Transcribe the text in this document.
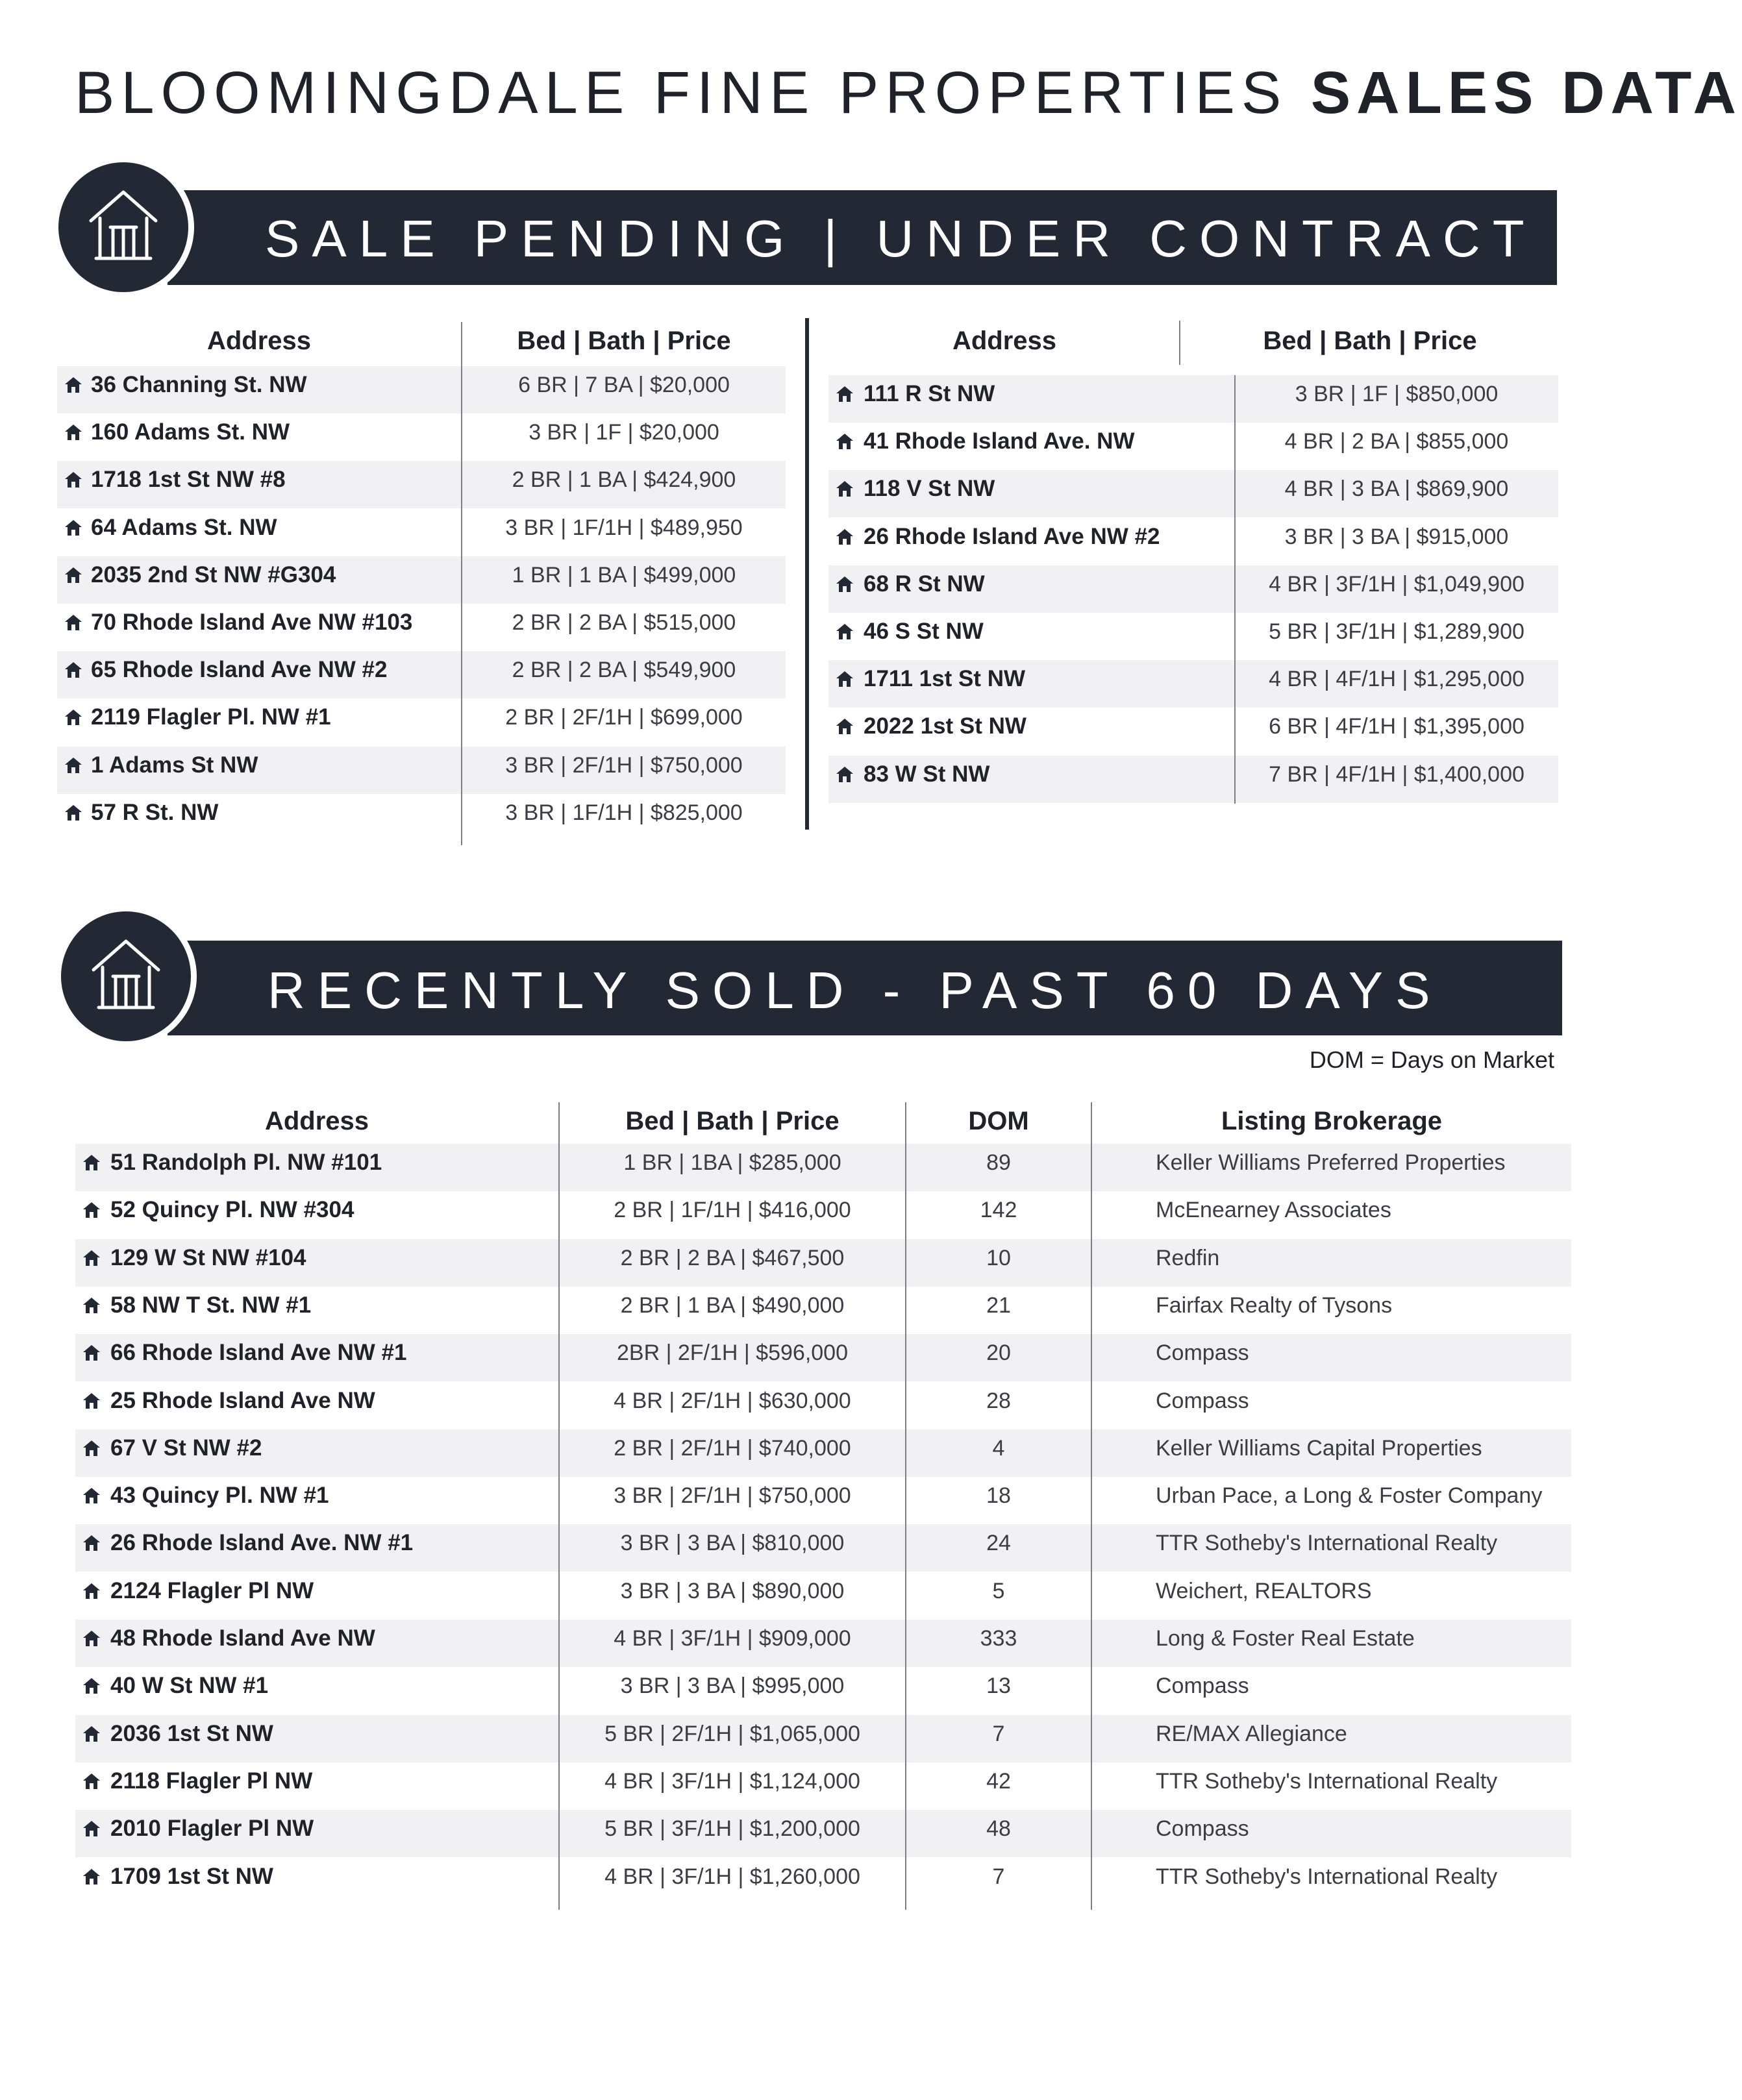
BLOOMINGDALE FINE PROPERTIES SALES DATA
SALE PENDING | UNDER CONTRACT
Address	Bed | Bath | Price	Address	Bed | Bath | Price
36 Channing St. NW	6 BR | 7 BA | $20,000
160 Adams St. NW	3 BR | 1F | $20,000
1718 1st St NW #8	2 BR | 1 BA | $424,900
64 Adams St. NW	3 BR | 1F/1H | $489,950
2035 2nd St NW #G304	1 BR | 1 BA | $499,000
70 Rhode Island Ave NW #103	2 BR | 2 BA | $515,000
65 Rhode Island Ave NW #2	2 BR | 2 BA | $549,900
2119 Flagler Pl. NW #1	2 BR | 2F/1H | $699,000
1 Adams St NW	3 BR | 2F/1H | $750,000
57 R St. NW	3 BR | 1F/1H | $825,000
111 R St NW	3 BR | 1F | $850,000
41 Rhode Island Ave. NW	4 BR | 2 BA | $855,000
118 V St NW	4 BR | 3 BA | $869,900
26 Rhode Island Ave NW #2	3 BR | 3 BA | $915,000
68 R St NW	4 BR | 3F/1H | $1,049,900
46 S St NW	5 BR | 3F/1H | $1,289,900
1711 1st St NW	4 BR | 4F/1H | $1,295,000
2022 1st St NW	6 BR | 4F/1H | $1,395,000
83 W St NW	7 BR | 4F/1H | $1,400,000
RECENTLY SOLD - PAST 60 DAYS
DOM = Days on Market
Address	Bed | Bath | Price	DOM	Listing Brokerage
51 Randolph Pl. NW #101	1 BR | 1BA | $285,000	89	Keller Williams Preferred Properties
52 Quincy Pl. NW #304	2 BR | 1F/1H | $416,000	142	McEnearney Associates
129 W St NW #104	2 BR | 2 BA | $467,500	10	Redfin
58 NW T St. NW #1	2 BR | 1 BA | $490,000	21	Fairfax Realty of Tysons
66 Rhode Island Ave NW #1	2BR | 2F/1H | $596,000	20	Compass
25 Rhode Island Ave NW	4 BR | 2F/1H | $630,000	28	Compass
67 V St NW #2	2 BR | 2F/1H | $740,000	4	Keller Williams Capital Properties
43 Quincy Pl. NW #1	3 BR | 2F/1H | $750,000	18	Urban Pace, a Long & Foster Company
26 Rhode Island Ave. NW #1	3 BR | 3 BA | $810,000	24	TTR Sotheby's International Realty
2124 Flagler Pl NW	3 BR | 3 BA | $890,000	5	Weichert, REALTORS
48 Rhode Island Ave NW	4 BR | 3F/1H | $909,000	333	Long & Foster Real Estate
40 W St NW #1	3 BR | 3 BA | $995,000	13	Compass
2036 1st St NW	5 BR | 2F/1H | $1,065,000	7	RE/MAX Allegiance
2118 Flagler Pl NW	4 BR | 3F/1H | $1,124,000	42	TTR Sotheby's International Realty
2010 Flagler Pl NW	5 BR | 3F/1H | $1,200,000	48	Compass
1709 1st St NW	4 BR | 3F/1H | $1,260,000	7	TTR Sotheby's International Realty
